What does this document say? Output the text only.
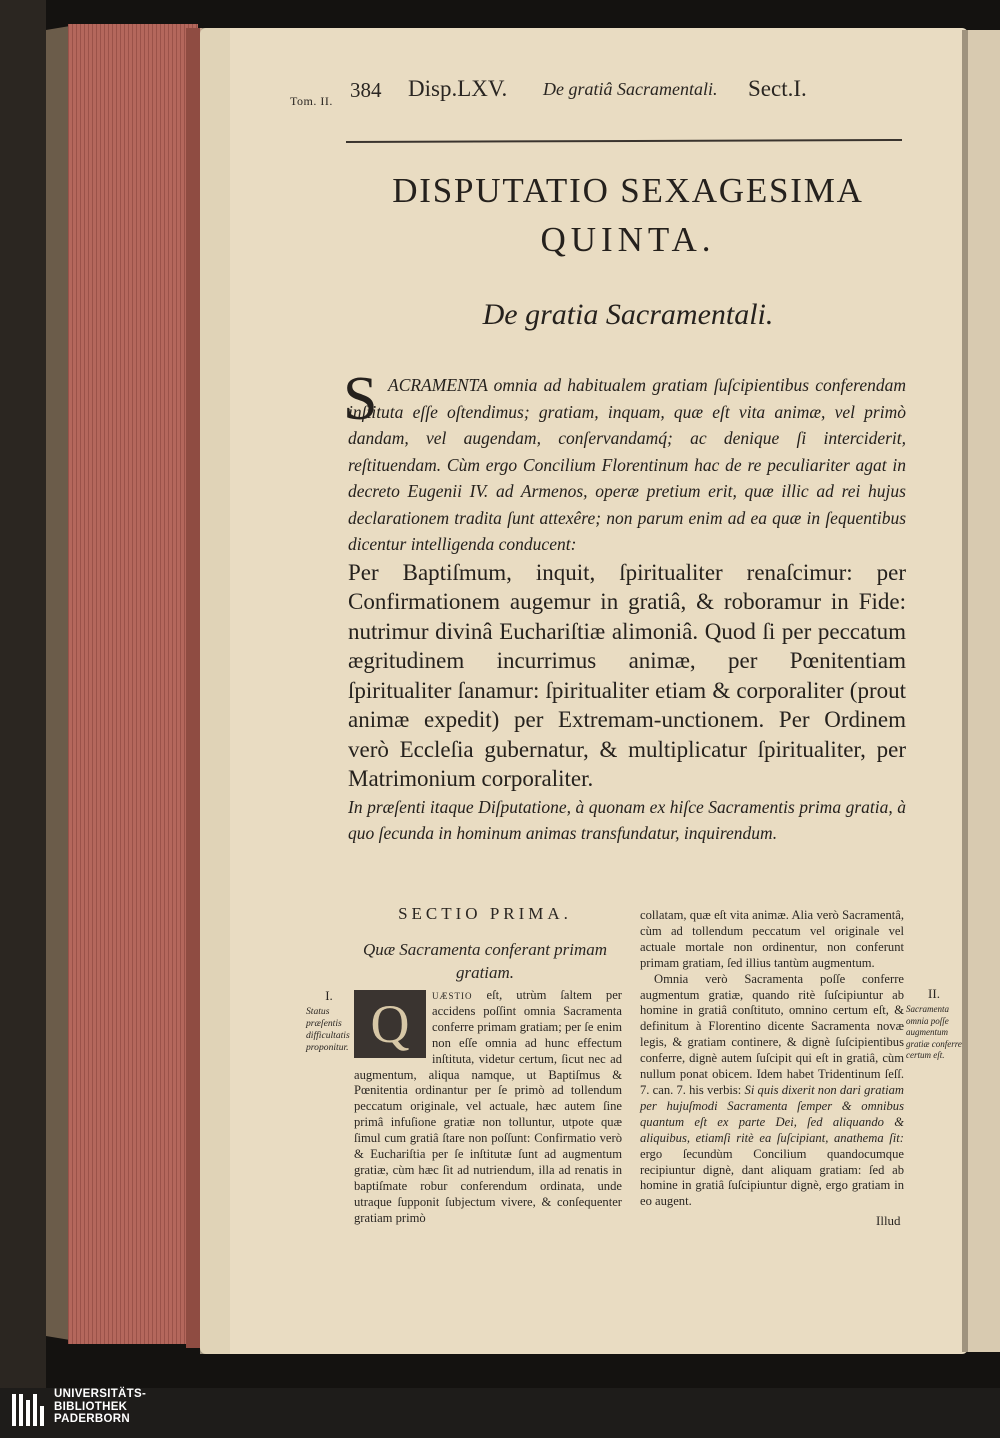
Tom. II. 384 Disp.LXV. De gratiâ Sacramentali. Sect.I.
DISPUTATIO SEXAGESIMA
QUINTA.
De gratia Sacramentali.
S ACRAMENTA omnia ad habitualem gratiam ſuſcipientibus conferendam inſtituta eſſe oſtendimus; gratiam, inquam, quæ eſt vita animæ, vel primò dandam, vel augendam, conſervandamq́; ac denique ſi interciderit, reſtituendam. Cùm ergo Concilium Florentinum hac de re peculiariter agat in decreto Eugenii IV. ad Armenos, operæ pretium erit, quæ illic ad rei hujus declarationem tradita ſunt attexêre; non parum enim ad ea quæ in ſequentibus dicentur intelligenda conducent:

Per Baptiſmum, inquit, ſpiritualiter renaſcimur: per Confirmationem augemur in gratiâ, & roboramur in Fide: nutrimur divinâ Euchariſtiæ alimoniâ. Quod ſi per peccatum ægritudinem incurrimus animæ, per Pœnitentiam ſpiritualiter ſanamur: ſpiritualiter etiam & corporaliter (prout animæ expedit) per Extremam-unctionem. Per Ordinem verò Eccleſia gubernatur, & multiplicatur ſpiritualiter, per Matrimonium corporaliter.

In præſenti itaque Diſputatione, à quonam ex hiſce Sacramentis prima gratia, à quo ſecunda in hominum animas transfundatur, inquirendum.

SECTIO PRIMA.
Quæ Sacramenta conferant primam gratiam.
Q	uæstio eſt, utrùm ſaltem per accidens poſſint omnia Sacramenta conferre primam gratiam; per ſe enim non eſſe omnia ad hunc effectum inſtituta, videtur certum, ſicut nec ad augmentum, aliqua namque, ut Baptiſmus & Pœnitentia ordinantur per ſe primò ad tollendum peccatum originale, vel actuale, hæc autem ſine primâ infuſione gratiæ non tolluntur, utpote quæ ſimul cum gratiâ ſtare non poſſunt: Confirmatio verò & Euchariſtia per ſe inſtitutæ ſunt ad augmentum gratiæ, cùm hæc ſit ad nutriendum, illa ad renatis in baptiſmate robur conferendum ordinata, unde utraque ſupponit ſubjectum vivere, & conſequenter gratiam primò

collatam, quæ eſt vita animæ. Alia verò Sacramentâ, cùm ad tollendum peccatum vel originale vel actuale mortale non ordinentur, non conferunt primam gratiam, ſed illius tantùm augmentum.

Omnia verò Sacramenta poſſe conferre augmentum gratiæ, quando ritè ſuſcipiuntur ab homine in gratiâ conſtituto, omnino certum eſt, & definitum à Florentino dicente Sacramenta novæ legis, & gratiam continere, & dignè ſuſcipientibus conferre, dignè autem ſuſcipit qui eſt in gratiâ, cùm nullum ponat obicem. Idem habet Tridentinum ſeſſ. 7. can. 7. his verbis: Si quis dixerit non dari gratiam per hujuſmodi Sacramenta ſemper & omnibus quantum eſt ex parte Dei, ſed aliquando & aliquibus, etiamſi ritè ea ſuſcipiant, anathema ſit: ergo ſecundùm Concilium quandocumque recipiuntur dignè, dant aliquam gratiam: ſed ab homine in gratiâ ſuſcipiuntur dignè, ergo gratiam in eo augent.

I.
Status præſentis difficultatis proponitur.
II.
Sacramenta omnia poſſe augmentum gratiæ conferre certum eſt.
Illud
UNIVERSITÄTS-
BIBLIOTHEK
PADERBORN
